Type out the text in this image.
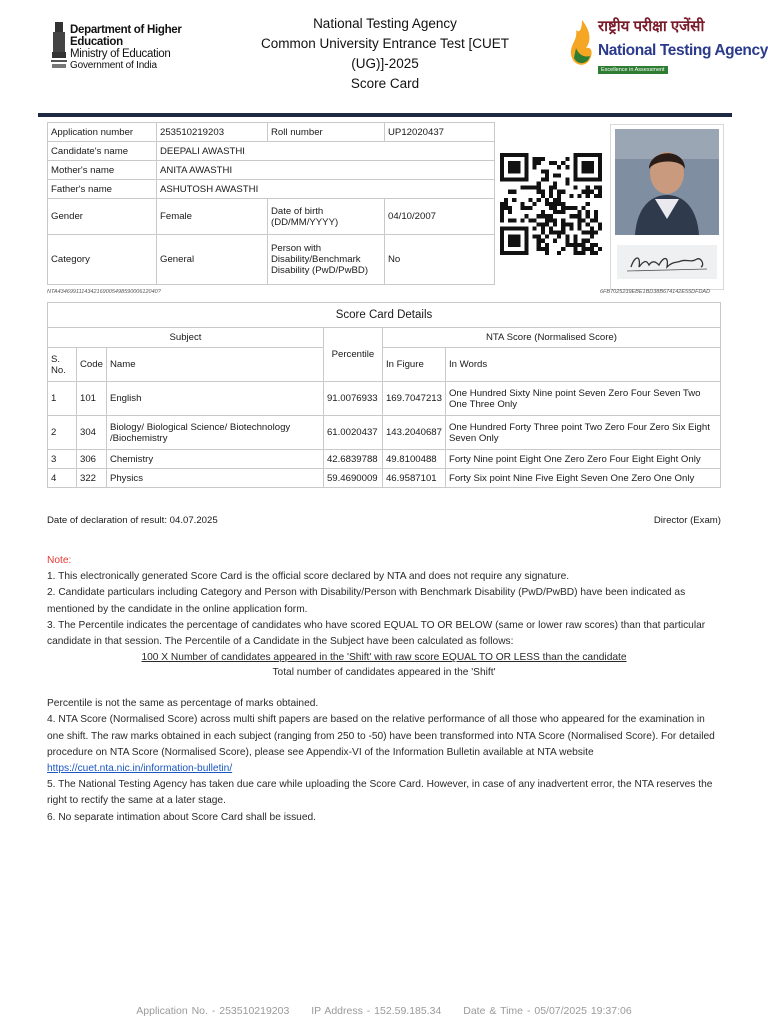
Department of Higher Education
Ministry of Education
Government of India
National Testing Agency
Common University Entrance Test [CUET
(UG)]-2025
Score Card
राष्ट्रीय परीक्षा एजेंसी
National Testing Agency
Excellence in Assessment
Application number	253510219203	Roll number	UP12020437
Candidate's name	DEEPALI AWASTHI		
Mother's name	ANITA AWASTHI		
Father's name	ASHUTOSH AWASTHI		
Gender	Female	Date of birth (DD/MM/YYYY)	04/10/2007
Category	General	Person with Disability/Benchmark Disability (PwD/PwBD)	No
NTA434699111434216900549859000612040?	6FB7025239EBE1BD38B674142E55DFDAD
Score Card Details					
Subject			Percentile	NTA Score (Normalised Score)	
S. No.	Code	Name		In Figure	In Words
1	101	English	91.0076933	169.7047213	One Hundred Sixty Nine point Seven Zero Four Seven Two One Three Only
2	304	Biology/ Biological Science/ Biotechnology /Biochemistry	61.0020437	143.2040687	One Hundred Forty Three point Two Zero Four Zero Six Eight Seven Only
3	306	Chemistry	42.6839788	49.8100488	Forty Nine point Eight One Zero Zero Four Eight Eight Only
4	322	Physics	59.4690009	46.9587101	Forty Six point Nine Five Eight Seven One Zero One Only
Date of declaration of result: 04.07.2025	Director (Exam)

Note:

1. This electronically generated Score Card is the official score declared by NTA and does not require any signature.

2. Candidate particulars including Category and Person with Disability/Person with Benchmark Disability (PwD/PwBD) have been indicated as mentioned by the candidate in the online application form.

3. The Percentile indicates the percentage of candidates who have scored EQUAL TO OR BELOW (same or lower raw scores) than that particular candidate in that session. The Percentile of a Candidate in the Subject have been calculated as follows:

100 X Number of candidates appeared in the 'Shift' with raw score EQUAL TO OR LESS than the candidate
Total number of candidates appeared in the 'Shift'

Percentile is not the same as percentage of marks obtained.

4. NTA Score (Normalised Score) across multi shift papers are based on the relative performance of all those who appeared for the examination in one shift. The raw marks obtained in each subject (ranging from 250 to -50) have been transformed into NTA Score (Normalised Score). For detailed procedure on NTA Score (Normalised Score), please see Appendix-VI of the Information Bulletin available at NTA website https://cuet.nta.nic.in/information-bulletin/

5. The National Testing Agency has taken due care while uploading the Score Card. However, in case of any inadvertent error, the NTA reserves the right to rectify the same at a later stage.

6. No separate intimation about Score Card shall be issued.

Application No. - 253510219203 IP Address - 152.59.185.34 Date & Time - 05/07/2025 19:37:06
